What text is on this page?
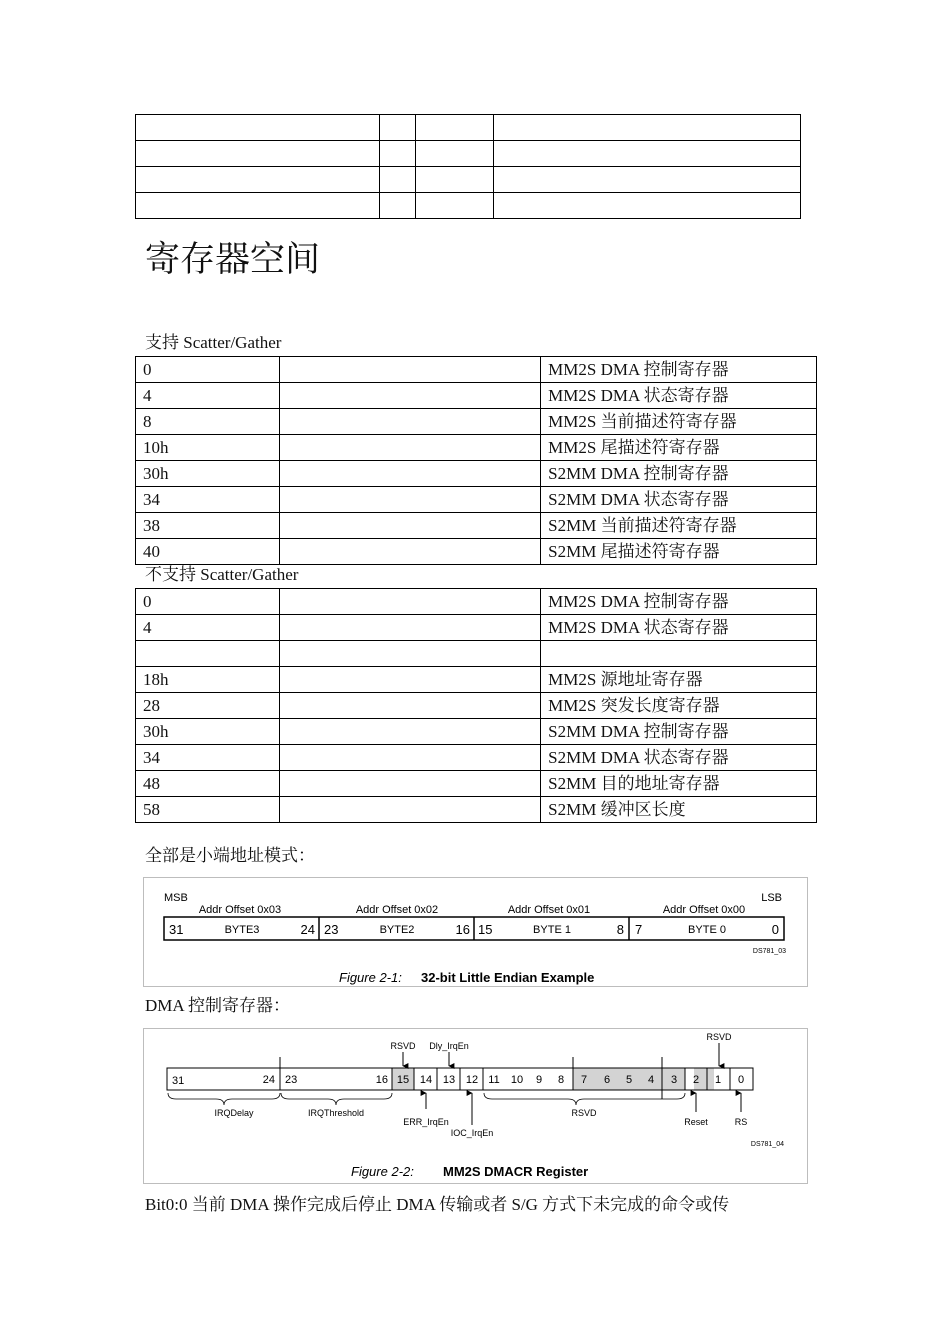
寄存器空间
支持 Scatter/Gather
0		MM2S DMA 控制寄存器
4		MM2S DMA 状态寄存器
8		MM2S 当前描述符寄存器
10h		MM2S 尾描述符寄存器
30h		S2MM DMA 控制寄存器
34		S2MM DMA 状态寄存器
38		S2MM 当前描述符寄存器
40		S2MM 尾描述符寄存器
不支持 Scatter/Gather
0		MM2S DMA 控制寄存器
4		MM2S DMA 状态寄存器

18h		MM2S 源地址寄存器
28		MM2S 突发长度寄存器
30h		S2MM DMA 控制寄存器
34		S2MM DMA 状态寄存器
48		S2MM 目的地址寄存器
58		S2MM 缓冲区长度
全部是小端地址模式：
MSB	LSB
Addr Offset 0x03	Addr Offset 0x02	Addr Offset 0x01	Addr Offset 0x00
31	BYTE3	24 23	BYTE2	16 15	BYTE 1	8 7	BYTE 0	0
DS781_03
Figure 2-1: 32-bit Little Endian Example
DMA 控制寄存器：
31	24 23	16 15 14 13 12 11 10 9 8 7 6 5 4 3 2 1 0
RSVD Dly_IrqEn
RSVD
IRQDelay	IRQThreshold	RSVD
ERR_IrqEn
IOC_IrqEn
Reset	RS
DS781_04
Figure 2-2: MM2S DMACR Register
Bit0:0 当前 DMA 操作完成后停止 DMA 传输或者 S/G 方式下未完成的命令或传
